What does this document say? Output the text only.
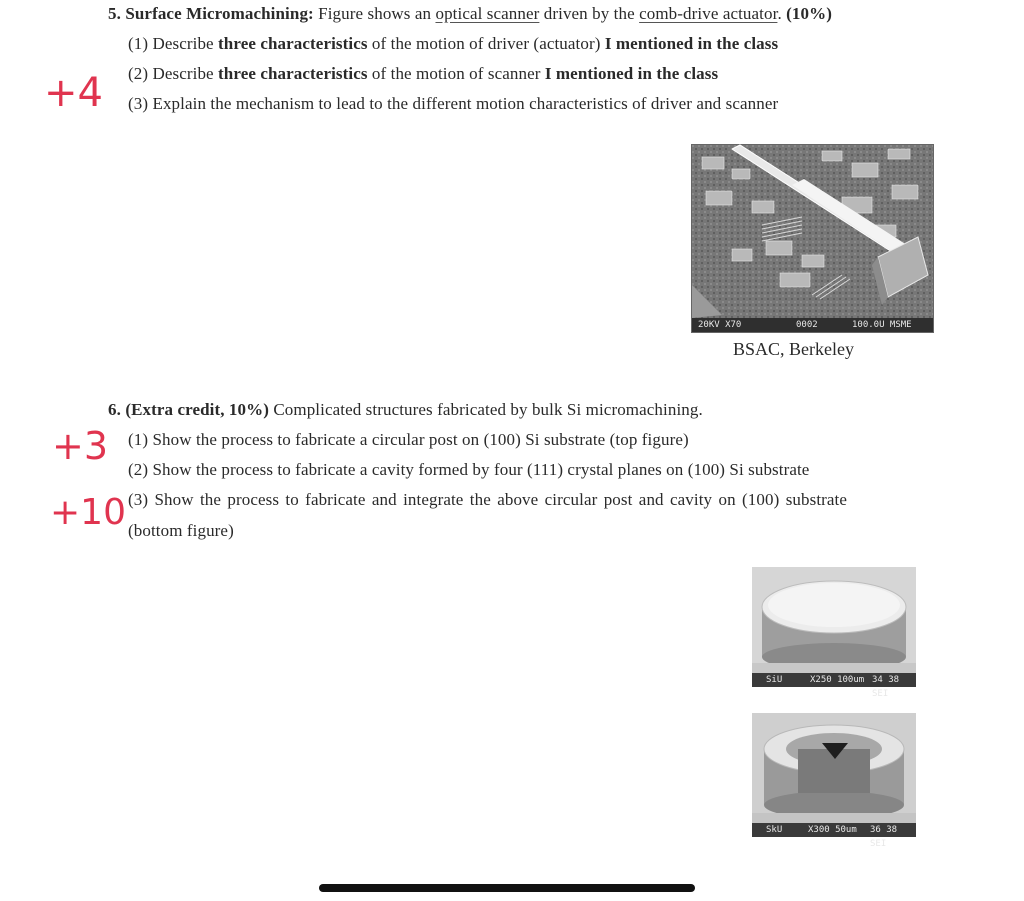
5. Surface Micromachining: Figure shows an optical scanner driven by the comb-drive actuator. (10%)
(1) Describe three characteristics of the motion of driver (actuator) I mentioned in the class
(2) Describe three characteristics of the motion of scanner I mentioned in the class
(3) Explain the mechanism to lead to the different motion characteristics of driver and scanner
+4
20KV X70	0002	100.0U MSME
BSAC, Berkeley
6. (Extra credit, 10%) Complicated structures fabricated by bulk Si micromachining.
(1) Show the process to fabricate a circular post on (100) Si substrate (top figure)
(2) Show the process to fabricate a cavity formed by four (111) crystal planes on (100) Si substrate
(3) Show the process to fabricate and integrate the above circular post and cavity on (100) substrate
(bottom figure)
+3
+10
SiU	X250 100um 34 38 SEI
SkU	X300 50um 36 38 SEI
